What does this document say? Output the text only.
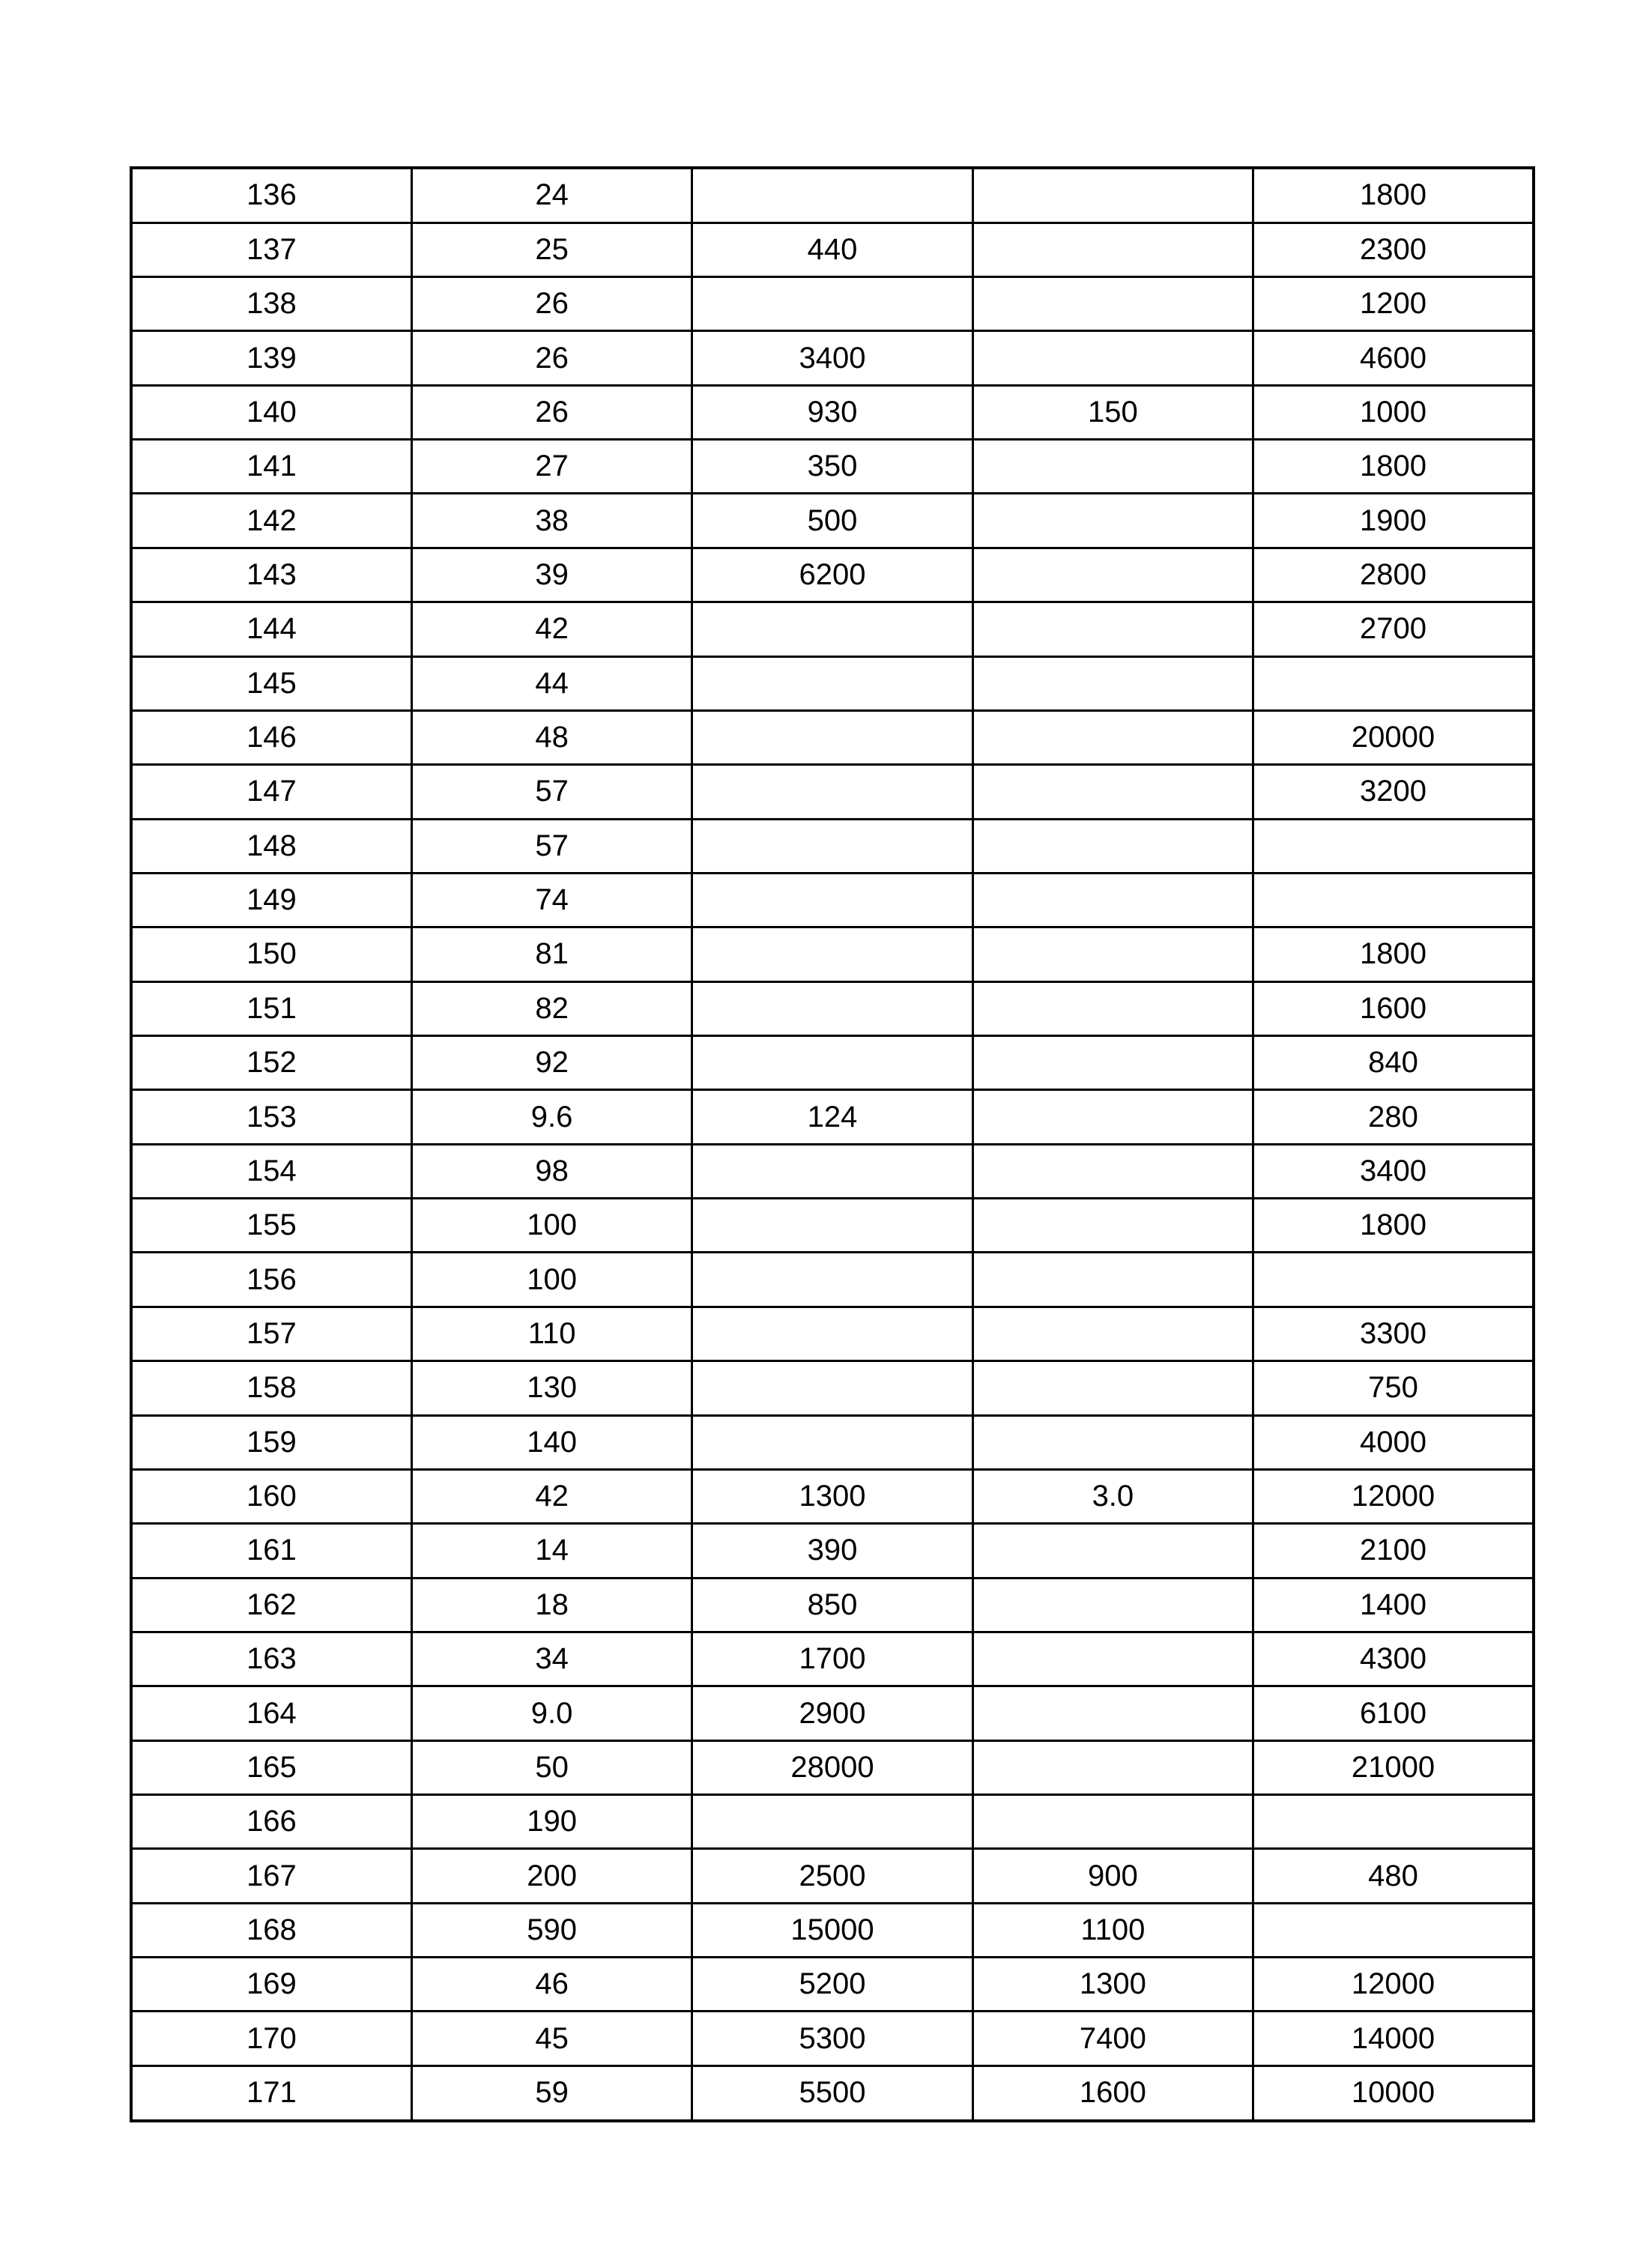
136	24			1800
137	25	440		2300
138	26			1200
139	26	3400		4600
140	26	930	150	1000
141	27	350		1800
142	38	500		1900
143	39	6200		2800
144	42			2700
145	44			
146	48			20000
147	57			3200
148	57			
149	74			
150	81			1800
151	82			1600
152	92			840
153	9.6	124		280
154	98			3400
155	100			1800
156	100			
157	110			3300
158	130			750
159	140			4000
160	42	1300	3.0	12000
161	14	390		2100
162	18	850		1400
163	34	1700		4300
164	9.0	2900		6100
165	50	28000		21000
166	190			
167	200	2500	900	480
168	590	15000	1100	
169	46	5200	1300	12000
170	45	5300	7400	14000
171	59	5500	1600	10000
